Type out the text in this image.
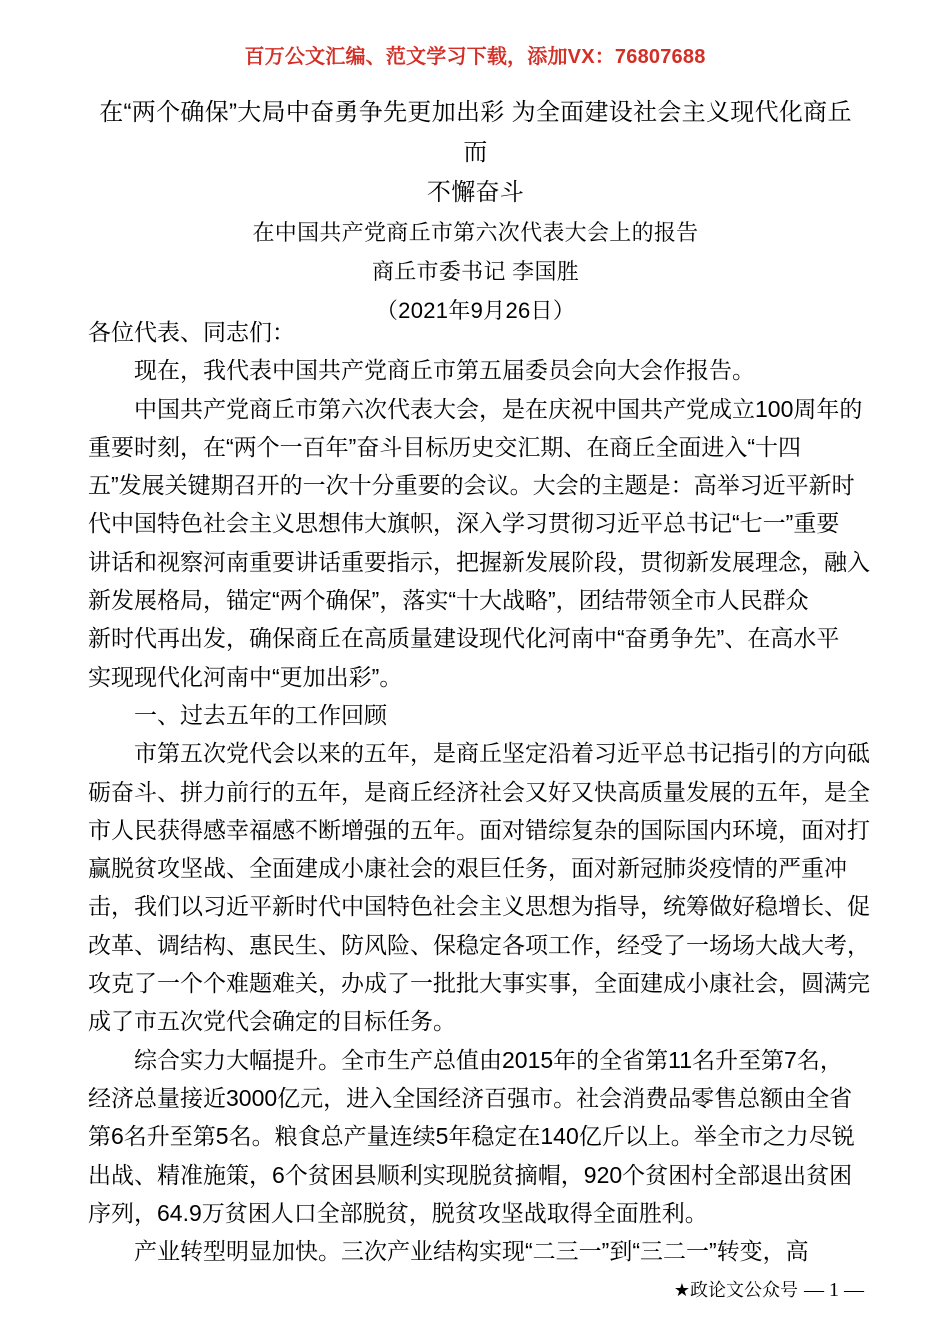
百万公文汇编、范文学习下载，添加VX：76807688
在“两个确保”大局中奋勇争先更加出彩 为全面建设社会主义现代化商丘而
不懈奋斗
在中国共产党商丘市第六次代表大会上的报告
商丘市委书记 李国胜
（2021年9月26日）

各位代表、同志们：

现在，我代表中国共产党商丘市第五届委员会向大会作报告。

中国共产党商丘市第六次代表大会，是在庆祝中国共产党成立100周年的
重要时刻，在“两个一百年”奋斗目标历史交汇期、在商丘全面进入“十四
五”发展关键期召开的一次十分重要的会议。大会的主题是：高举习近平新时
代中国特色社会主义思想伟大旗帜，深入学习贯彻习近平总书记“七一”重要
讲话和视察河南重要讲话重要指示，把握新发展阶段，贯彻新发展理念，融入
新发展格局，锚定“两个确保”，落实“十大战略”，团结带领全市人民群众
新时代再出发，确保商丘在高质量建设现代化河南中“奋勇争先”、在高水平
实现现代化河南中“更加出彩”。

一、过去五年的工作回顾

市第五次党代会以来的五年，是商丘坚定沿着习近平总书记指引的方向砥
砺奋斗、拼力前行的五年，是商丘经济社会又好又快高质量发展的五年，是全
市人民获得感幸福感不断增强的五年。面对错综复杂的国际国内环境，面对打
赢脱贫攻坚战、全面建成小康社会的艰巨任务，面对新冠肺炎疫情的严重冲
击，我们以习近平新时代中国特色社会主义思想为指导，统筹做好稳增长、促
改革、调结构、惠民生、防风险、保稳定各项工作，经受了一场场大战大考，
攻克了一个个难题难关，办成了一批批大事实事，全面建成小康社会，圆满完
成了市五次党代会确定的目标任务。

综合实力大幅提升。全市生产总值由2015年的全省第11名升至第7名，
经济总量接近3000亿元，进入全国经济百强市。社会消费品零售总额由全省
第6名升至第5名。粮食总产量连续5年稳定在140亿斤以上。举全市之力尽锐
出战、精准施策，6个贫困县顺利实现脱贫摘帽，920个贫困村全部退出贫困
序列，64.9万贫困人口全部脱贫，脱贫攻坚战取得全面胜利。

产业转型明显加快。三次产业结构实现“二三一”到“三二一”转变，高

★政论文公众号 — 1 —
